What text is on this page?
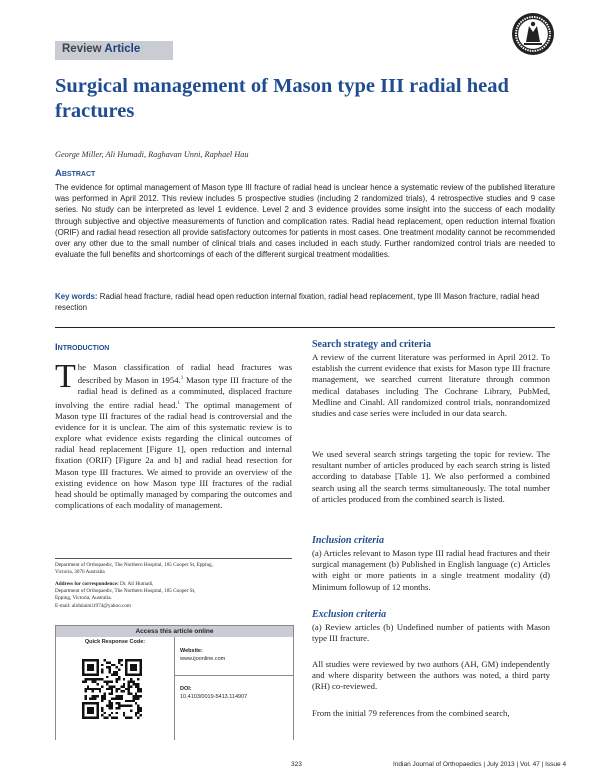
Review Article
Surgical management of Mason type III radial head fractures
George Miller, Ali Humadi, Raghavan Unni, Raphael Hau
Abstract

The evidence for optimal management of Mason type III fracture of radial head is unclear hence a systematic review of the published literature was performed in April 2012. This review includes 5 prospective studies (including 2 randomized trials), 4 retrospective studies and 9 case series. No study can be interpreted as level 1 evidence. Level 2 and 3 evidence provides some insight into the success of each modality through subjective and objective measurements of function and complication rates. Radial head replacement, open reduction internal fixation (ORIF) and radial head resection all provide satisfactory outcomes for patients in most cases. One treatment modality cannot be recommended over any other due to the small number of clinical trials and cases included in each study. Further randomized control trials are needed to evaluate the full benefits and shortcomings of each of the different surgical treatment modalities.

Key words: Radial head fracture, radial head open reduction internal fixation, radial head replacement, type III Mason fracture, radial head resection

Introduction

The Mason classification of radial head fractures was described by Mason in 1954.$^1$ Mason type III fracture of the radial head is defined as a comminuted, displaced fracture involving the entire radial head.$^1$ The optimal management of Mason type III fractures of the radial head is controversial and the evidence for it is unclear. The aim of this systematic review is to explore what evidence exists regarding the clinical outcomes of radial head replacement [Figure 1], open reduction and internal fixation (ORIF) [Figure 2a and b] and radial head resection for Mason type III fractures. We aimed to provide an overview of the existing evidence on how Mason type III fractures of the radial head should be optimally managed by comparing the outcomes and complications of each modality of management.

Department of Orthopaedic, The Northern Hospital, 185 Cooper St, Epping,
Victoria, 3076 Australia
Address for correspondence: Dr. Ali Humadi,
Department of Orthopaedic, The Northern Hospital, 185 Cooper St,
Epping, Victoria, Australia.
E-mail: alidulaimi1974@yahoo.com
Access this article online
Quick Response Code:
Website:
www.ijoonline.com
DOI:
10.4103/0019-5413.114907
Search strategy and criteria

A review of the current literature was performed in April 2012. To establish the current evidence that exists for Mason type III fracture management, we searched current literature through common medical databases including The Cochrane Library, PubMed, Medline and Cinahl. All randomized control trials, nonrandomized studies and case series were included in our data search.

We used several search strings targeting the topic for review. The resultant number of articles produced by each search string is listed according to database [Table 1]. We also performed a combined search using all the search terms simultaneously. The total number of articles produced from the combined search is listed.

Inclusion criteria

(a) Articles relevant to Mason type III radial head fractures and their surgical management (b) Published in English language (c) Articles with eight or more patients in a single treatment modality (d) Minimum followup of 12 months.

Exclusion criteria

(a) Review articles (b) Undefined number of patients with Mason type III fracture.

All studies were reviewed by two authors (AH, GM) independently and where disparity between the authors was noted, a third party (RH) co-reviewed.

From the initial 79 references from the combined search,

323	Indian Journal of Orthopaedics | July 2013 | Vol. 47 | Issue 4
